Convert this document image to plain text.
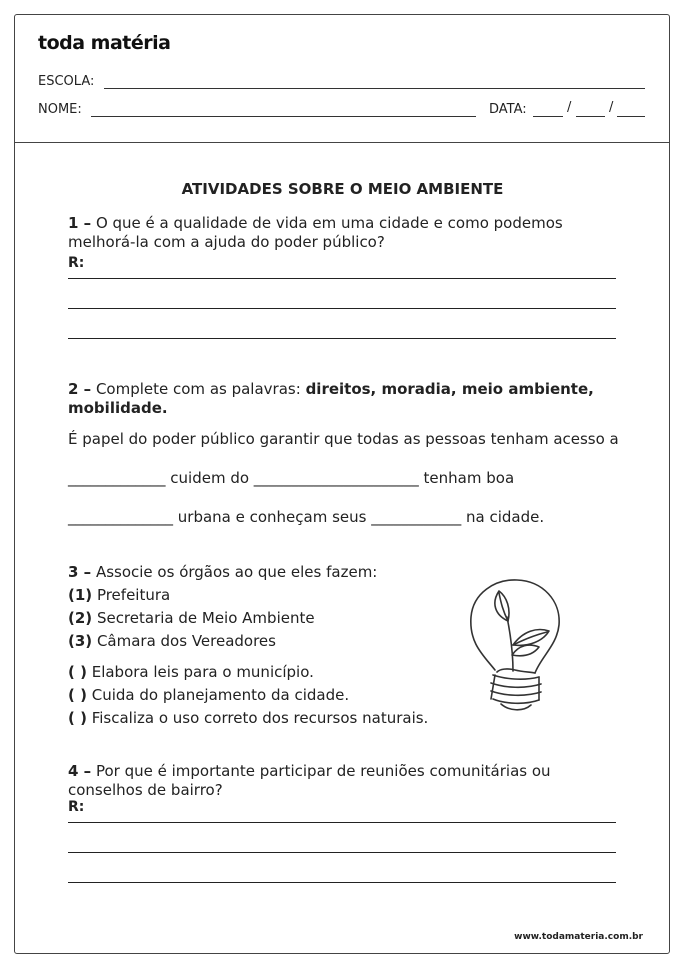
toda matéria
ESCOLA:
NOME:	DATA:	/	/
ATIVIDADES SOBRE O MEIO AMBIENTE
1 – O que é a qualidade de vida em uma cidade e como podemos melhorá-la com a ajuda do poder público?
R:
2 – Complete com as palavras: direitos, moradia, meio ambiente, mobilidade.
É papel do poder público garantir que todas as pessoas tenham acesso a
_____________ cuidem do ______________________ tenham boa
______________ urbana e conheçam seus ____________ na cidade.
3 – Associe os órgãos ao que eles fazem:
(1) Prefeitura
(2) Secretaria de Meio Ambiente
(3) Câmara dos Vereadores
( ) Elabora leis para o município.
( ) Cuida do planejamento da cidade.
( ) Fiscaliza o uso correto dos recursos naturais.
4 – Por que é importante participar de reuniões comunitárias ou conselhos de bairro?
R:
www.todamateria.com.br
